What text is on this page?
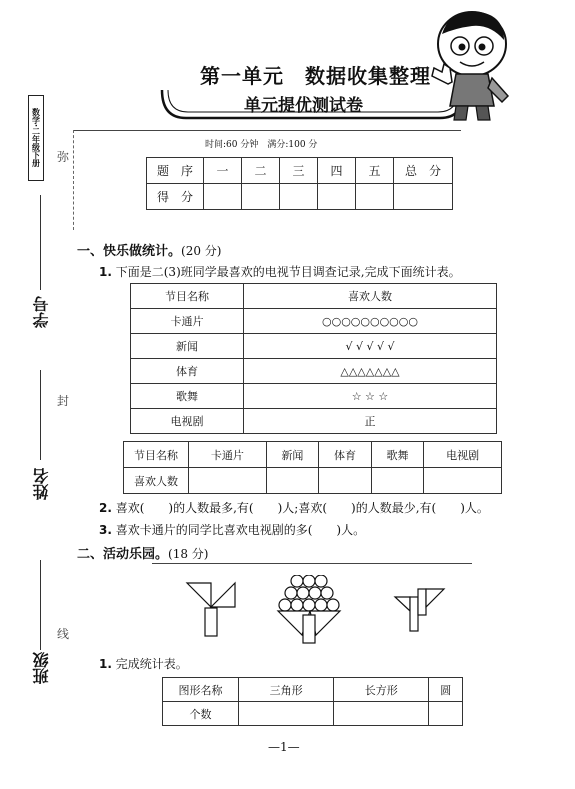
数学·二年级下册 弥
封
线
学号
姓名
班级
第一单元　数据收集整理
单元提优测试卷
时间:60 分钟　满分:100 分
题　序	一	二	三	四	五	总　分
得　分						
一、快乐做统计。(20 分)
1. 下面是二(3)班同学最喜欢的电视节目调查记录,完成下面统计表。
节目名称	喜欢人数
卡通片	○○○○○○○○○○
新闻	√ √ √ √ √
体育	△△△△△△△
歌舞	☆ ☆ ☆
电视剧	正
节目名称	卡通片	新闻	体育	歌舞	电视剧
喜欢人数					
2. 喜欢(　　)的人数最多,有(　　)人;喜欢(　　)的人数最少,有(　　)人。
3. 喜欢卡通片的同学比喜欢电视剧的多(　　)人。
二、活动乐园。(18 分)
1. 完成统计表。
图形名称	三角形	长方形	圆
个数			
—1—
